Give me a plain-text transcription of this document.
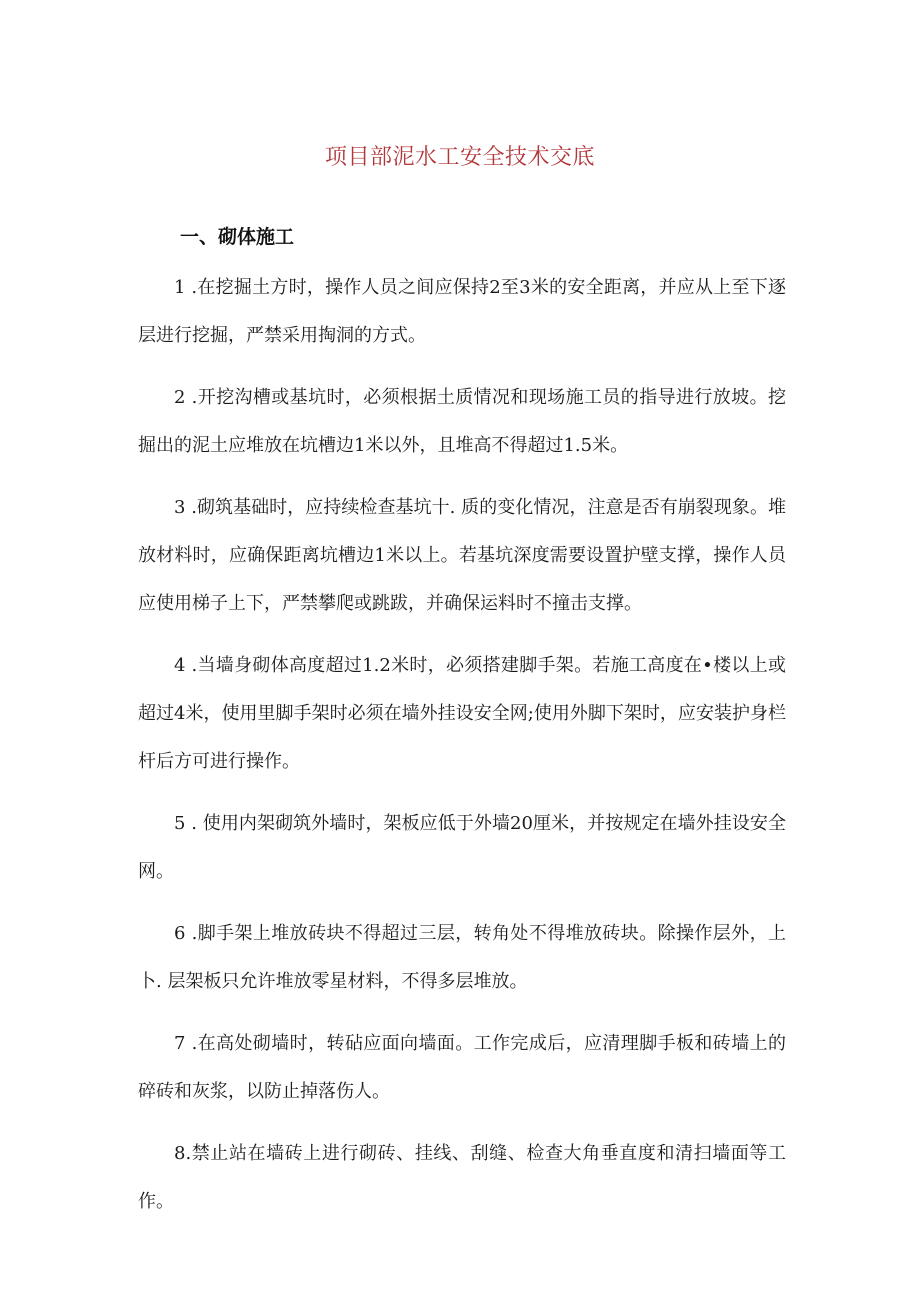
项目部泥水工安全技术交底
一、砌体施工

1 .在挖掘土方时，操作人员之间应保持2至3米的安全距离，并应从上至下逐层进行挖掘，严禁采用掏洞的方式。

2 .开挖沟槽或基坑时，必须根据土质情况和现场施工员的指导进行放坡。挖掘出的泥土应堆放在坑槽边1米以外，且堆高不得超过1.5米。

3 .砌筑基础时，应持续检查基坑十. 质的变化情况，注意是否有崩裂现象。堆放材料时，应确保距离坑槽边1米以上。若基坑深度需要设置护壁支撑，操作人员应使用梯子上下，严禁攀爬或跳跋，并确保运料时不撞击支撑。

4 .当墙身砌体高度超过1.2米时，必须搭建脚手架。若施工高度在•楼以上或超过4米，使用里脚手架时必须在墙外挂设安全网;使用外脚下架时，应安装护身栏杆后方可进行操作。

5 . 使用内架砌筑外墙时，架板应低于外墙20厘米，并按规定在墙外挂设安全网。

6 .脚手架上堆放砖块不得超过三层，转角处不得堆放砖块。除操作层外，上卜. 层架板只允许堆放零星材料，不得多层堆放。

7 .在高处砌墙时，转砧应面向墙面。工作完成后，应清理脚手板和砖墙上的碎砖和灰浆，以防止掉落伤人。

8.禁止站在墙砖上进行砌砖、挂线、刮缝、检查大角垂直度和清扫墙面等工作。
